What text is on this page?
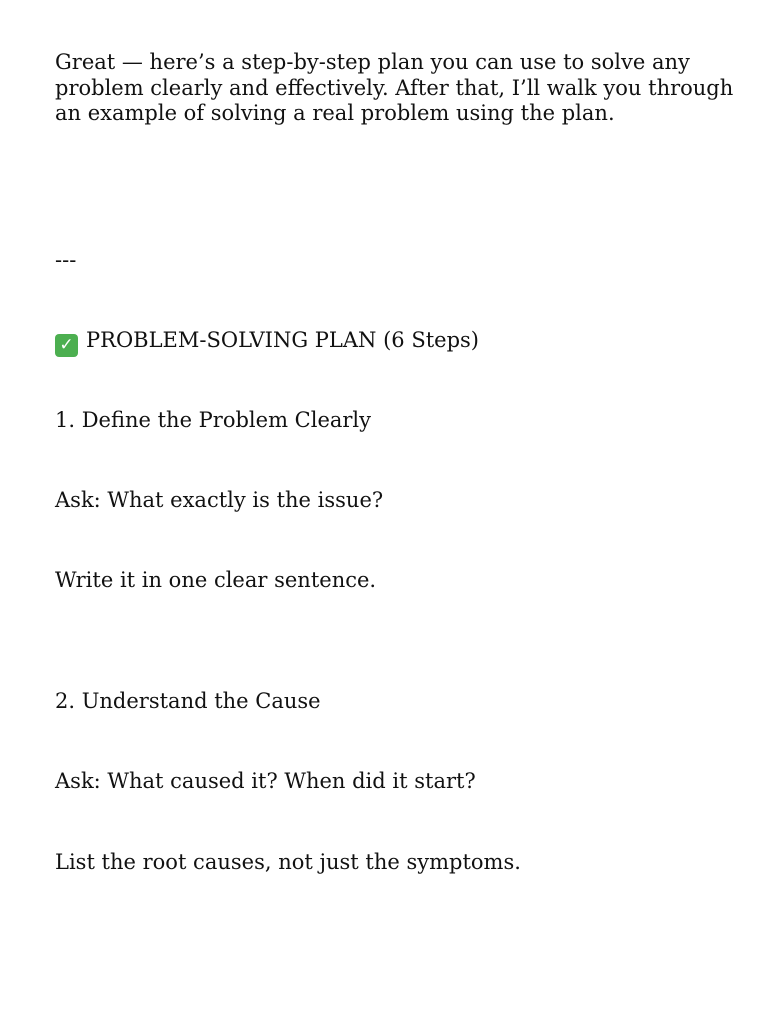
Great — here’s a step-by-step plan you can use to solve any problem clearly and effectively. After that, I’ll walk you through an example of solving a real problem using the plan.
---
✓ PROBLEM-SOLVING PLAN (6 Steps)
1. Define the Problem Clearly
Ask: What exactly is the issue?
Write it in one clear sentence.
2. Understand the Cause
Ask: What caused it? When did it start?
List the root causes, not just the symptoms.
